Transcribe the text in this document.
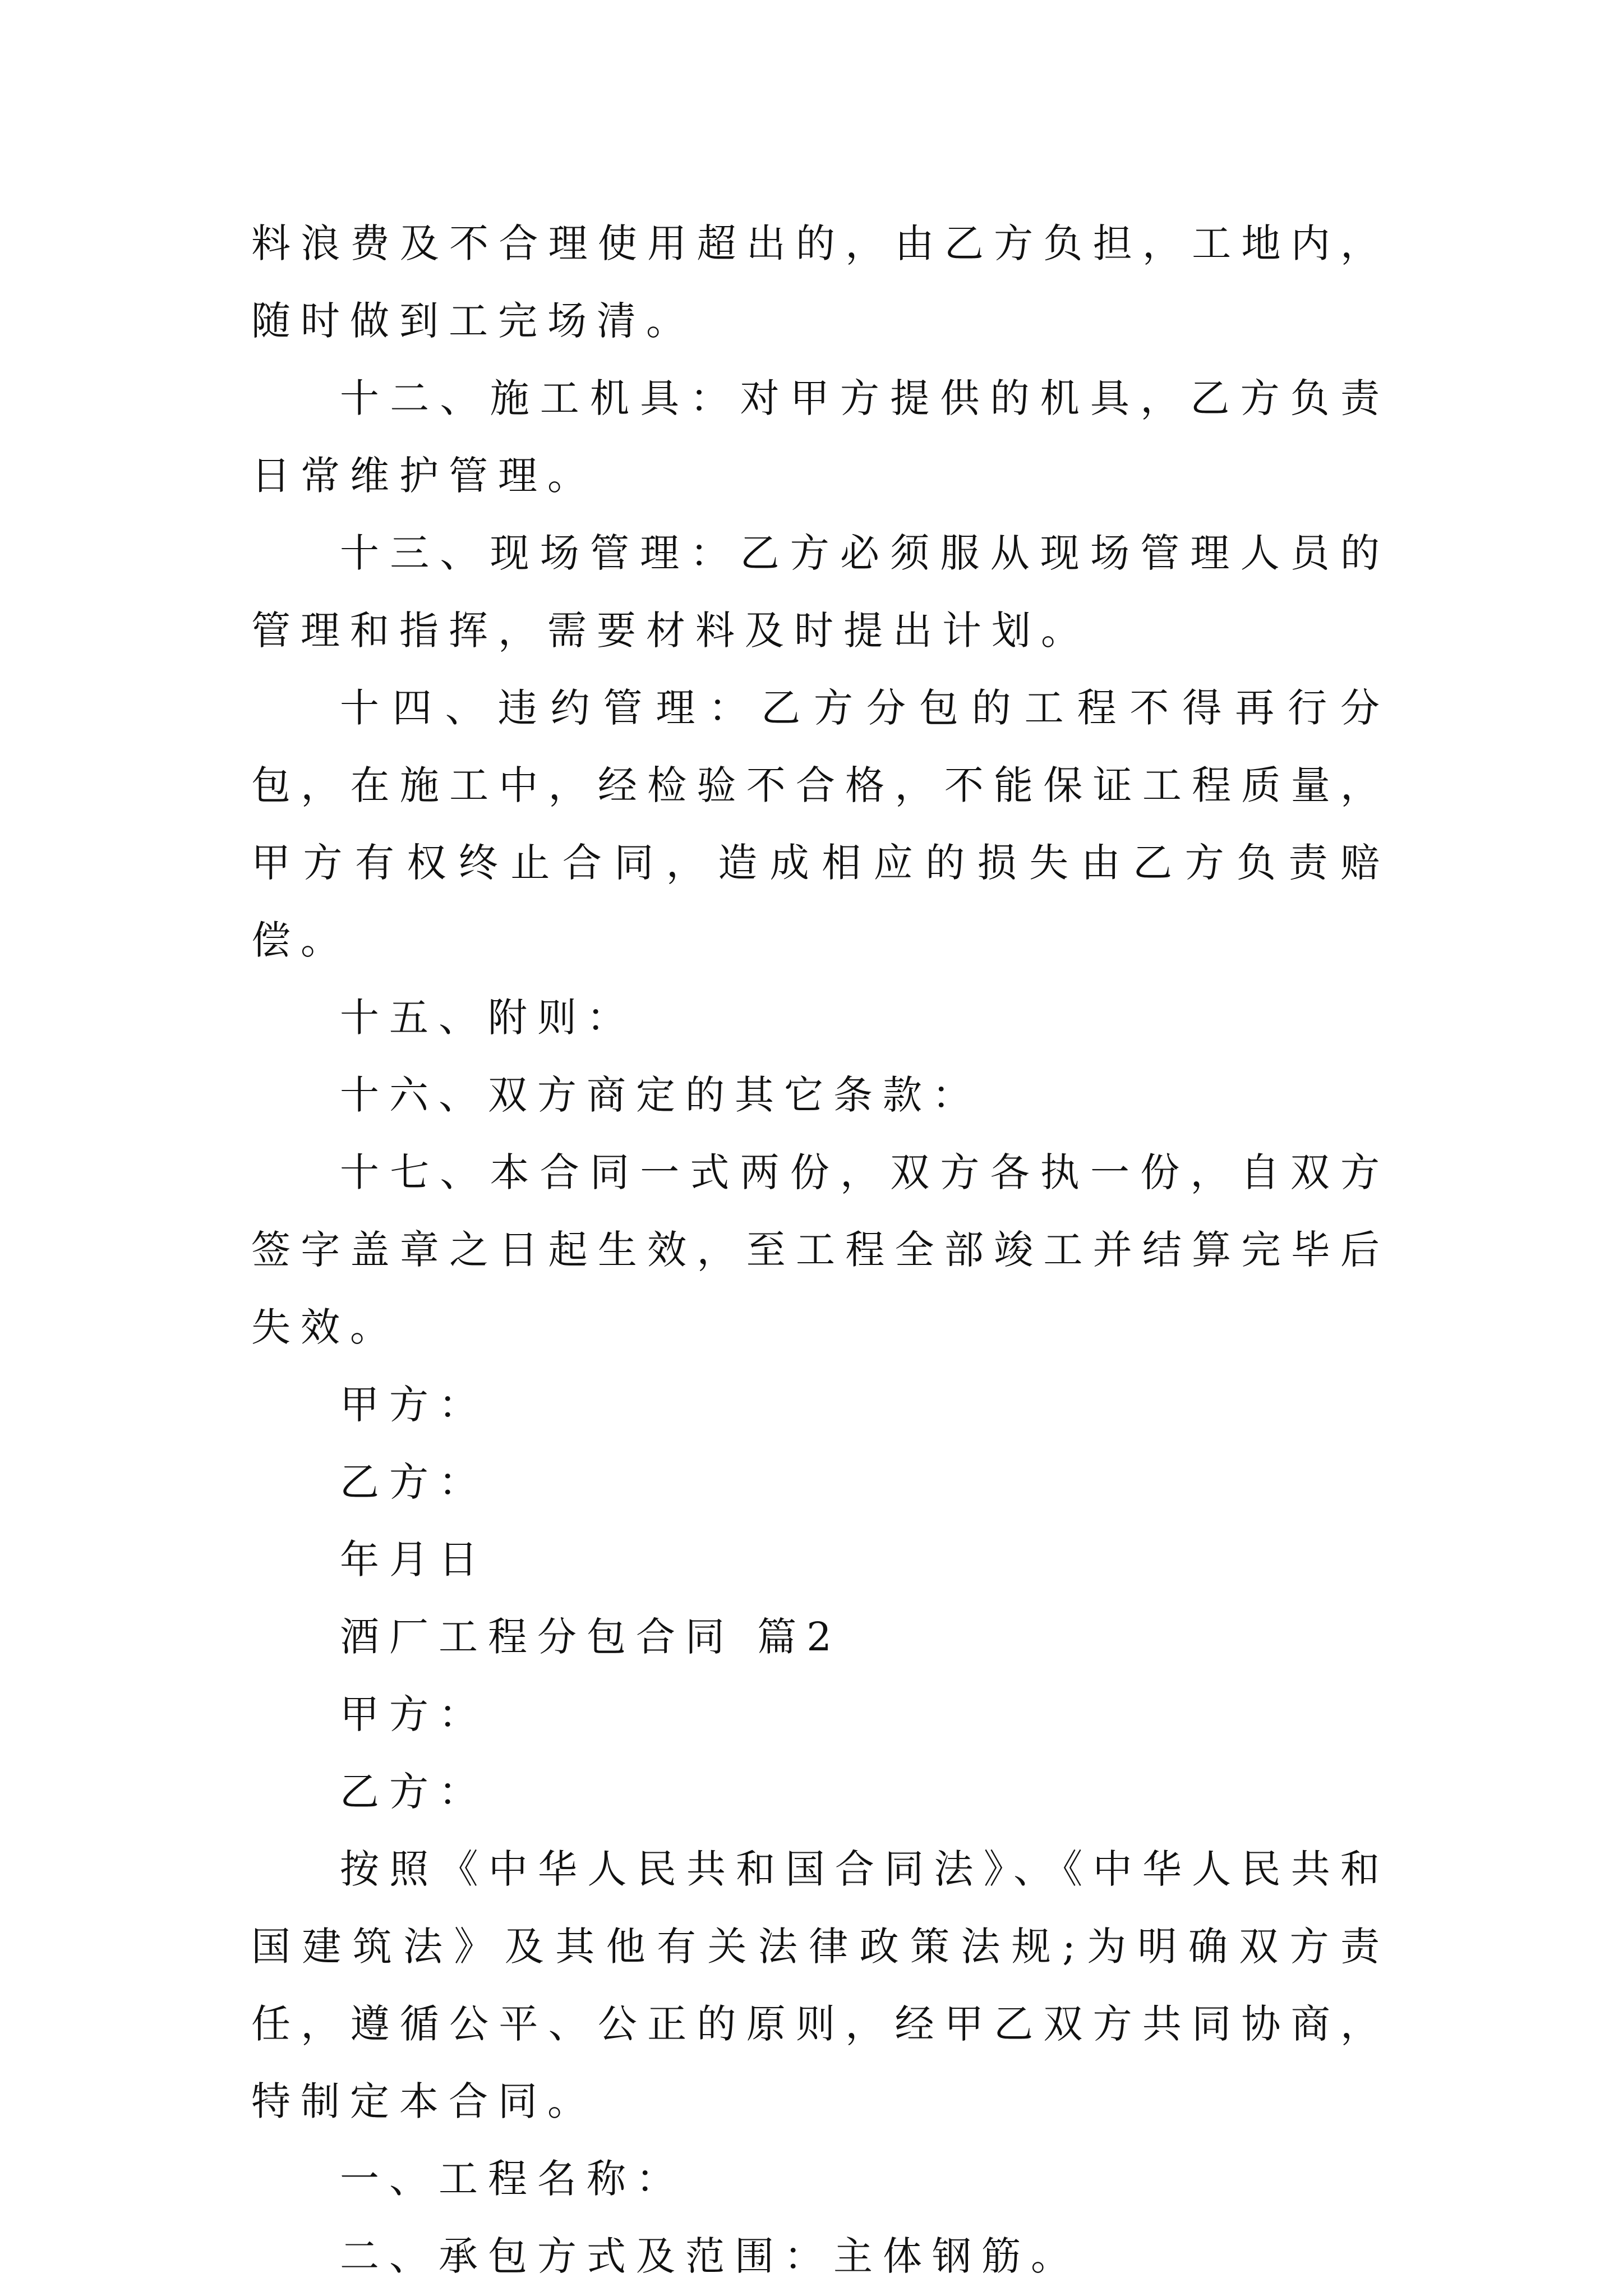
料浪费及不合理使用超出的，由乙方负担，工地内，随时做到工完场清。

十二、施工机具：对甲方提供的机具，乙方负责日常维护管理。

十三、现场管理：乙方必须服从现场管理人员的管理和指挥，需要材料及时提出计划。

十四、违约管理：乙方分包的工程不得再行分包，在施工中，经检验不合格，不能保证工程质量，甲方有权终止合同，造成相应的损失由乙方负责赔偿。

十五、附则：

十六、双方商定的其它条款：

十七、本合同一式两份，双方各执一份，自双方签字盖章之日起生效，至工程全部竣工并结算完毕后失效。

甲方：

乙方：

年月日

酒厂工程分包合同 篇2

甲方：

乙方：

按照《中华人民共和国合同法》、《中华人民共和国建筑法》及其他有关法律政策法规;为明确双方责任，遵循公平、公正的原则，经甲乙双方共同协商，特制定本合同。

一、工程名称：

二、承包方式及范围：主体钢筋。
